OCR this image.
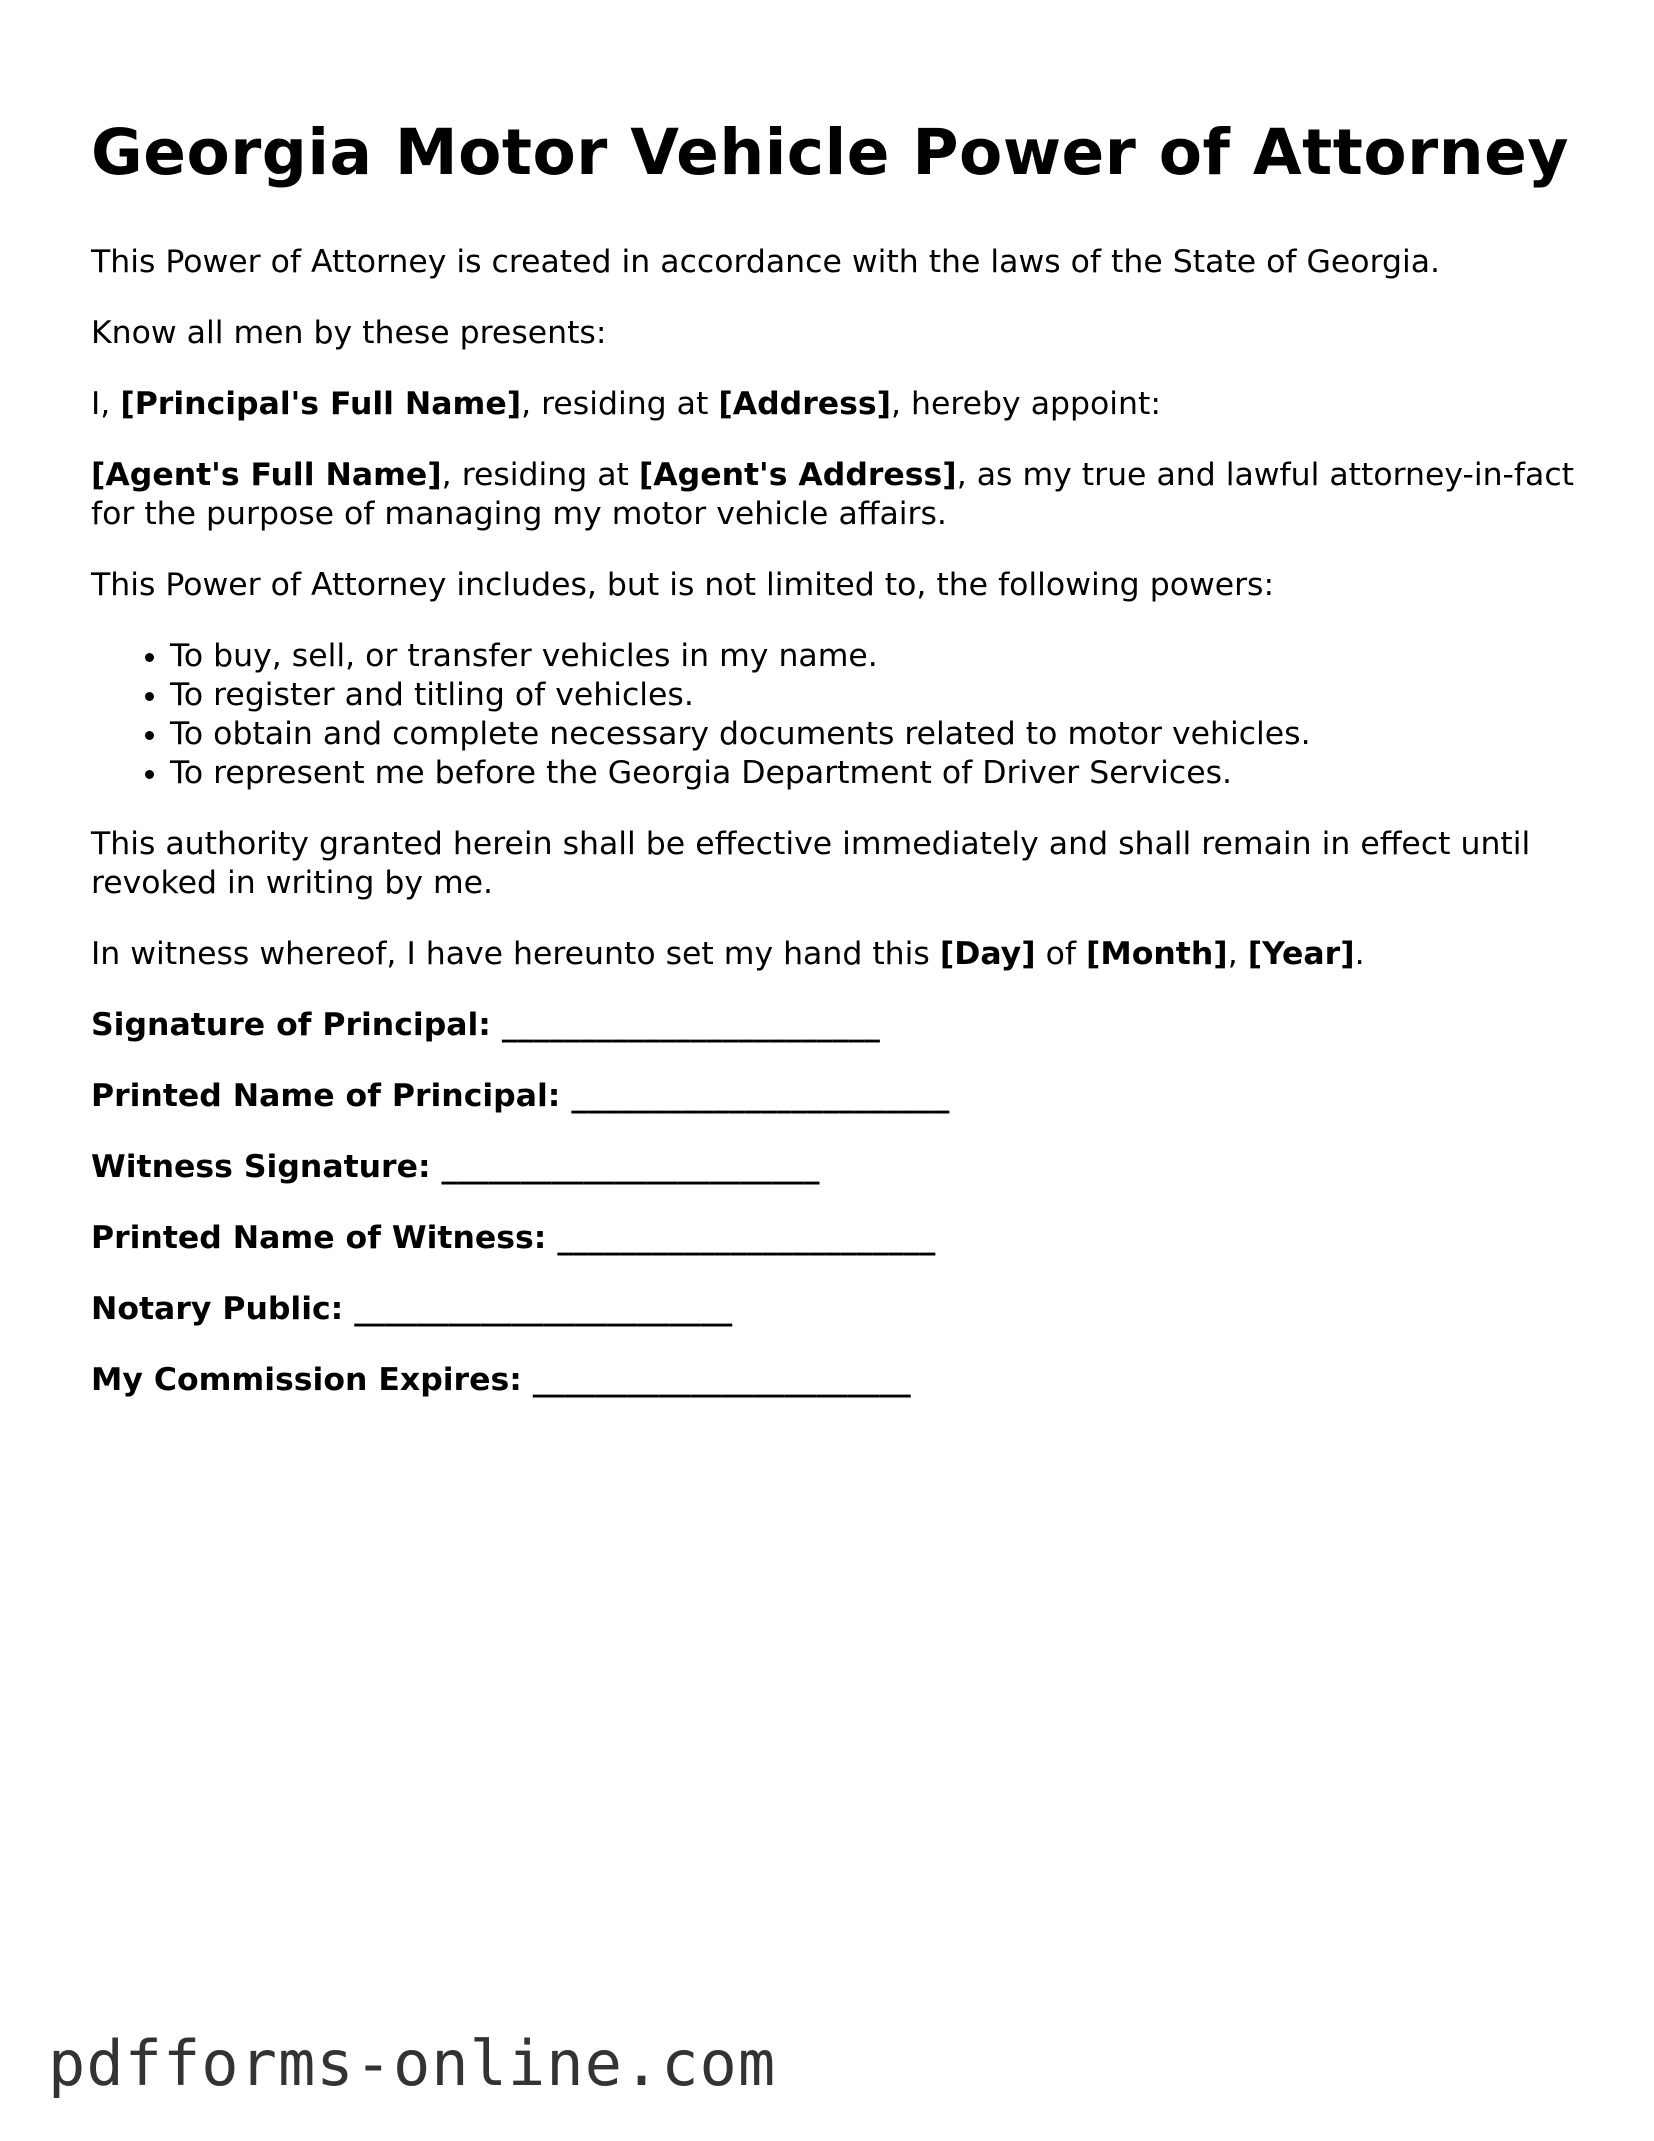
Georgia Motor Vehicle Power of Attorney

This Power of Attorney is created in accordance with the laws of the State of Georgia.

Know all men by these presents:

I, [Principal's Full Name], residing at [Address], hereby appoint:

[Agent's Full Name], residing at [Agent's Address], as my true and lawful attorney-in-fact for the purpose of managing my motor vehicle affairs.

This Power of Attorney includes, but is not limited to, the following powers:

• To buy, sell, or transfer vehicles in my name.
• To register and titling of vehicles.
• To obtain and complete necessary documents related to motor vehicles.
• To represent me before the Georgia Department of Driver Services.

This authority granted herein shall be effective immediately and shall remain in effect until revoked in writing by me.

In witness whereof, I have hereunto set my hand this [Day] of [Month], [Year].

Signature of Principal: ________________________
Printed Name of Principal: ________________________
Witness Signature: ________________________
Printed Name of Witness: ________________________
Notary Public: ________________________
My Commission Expires: ________________________
pdfforms-online.com
